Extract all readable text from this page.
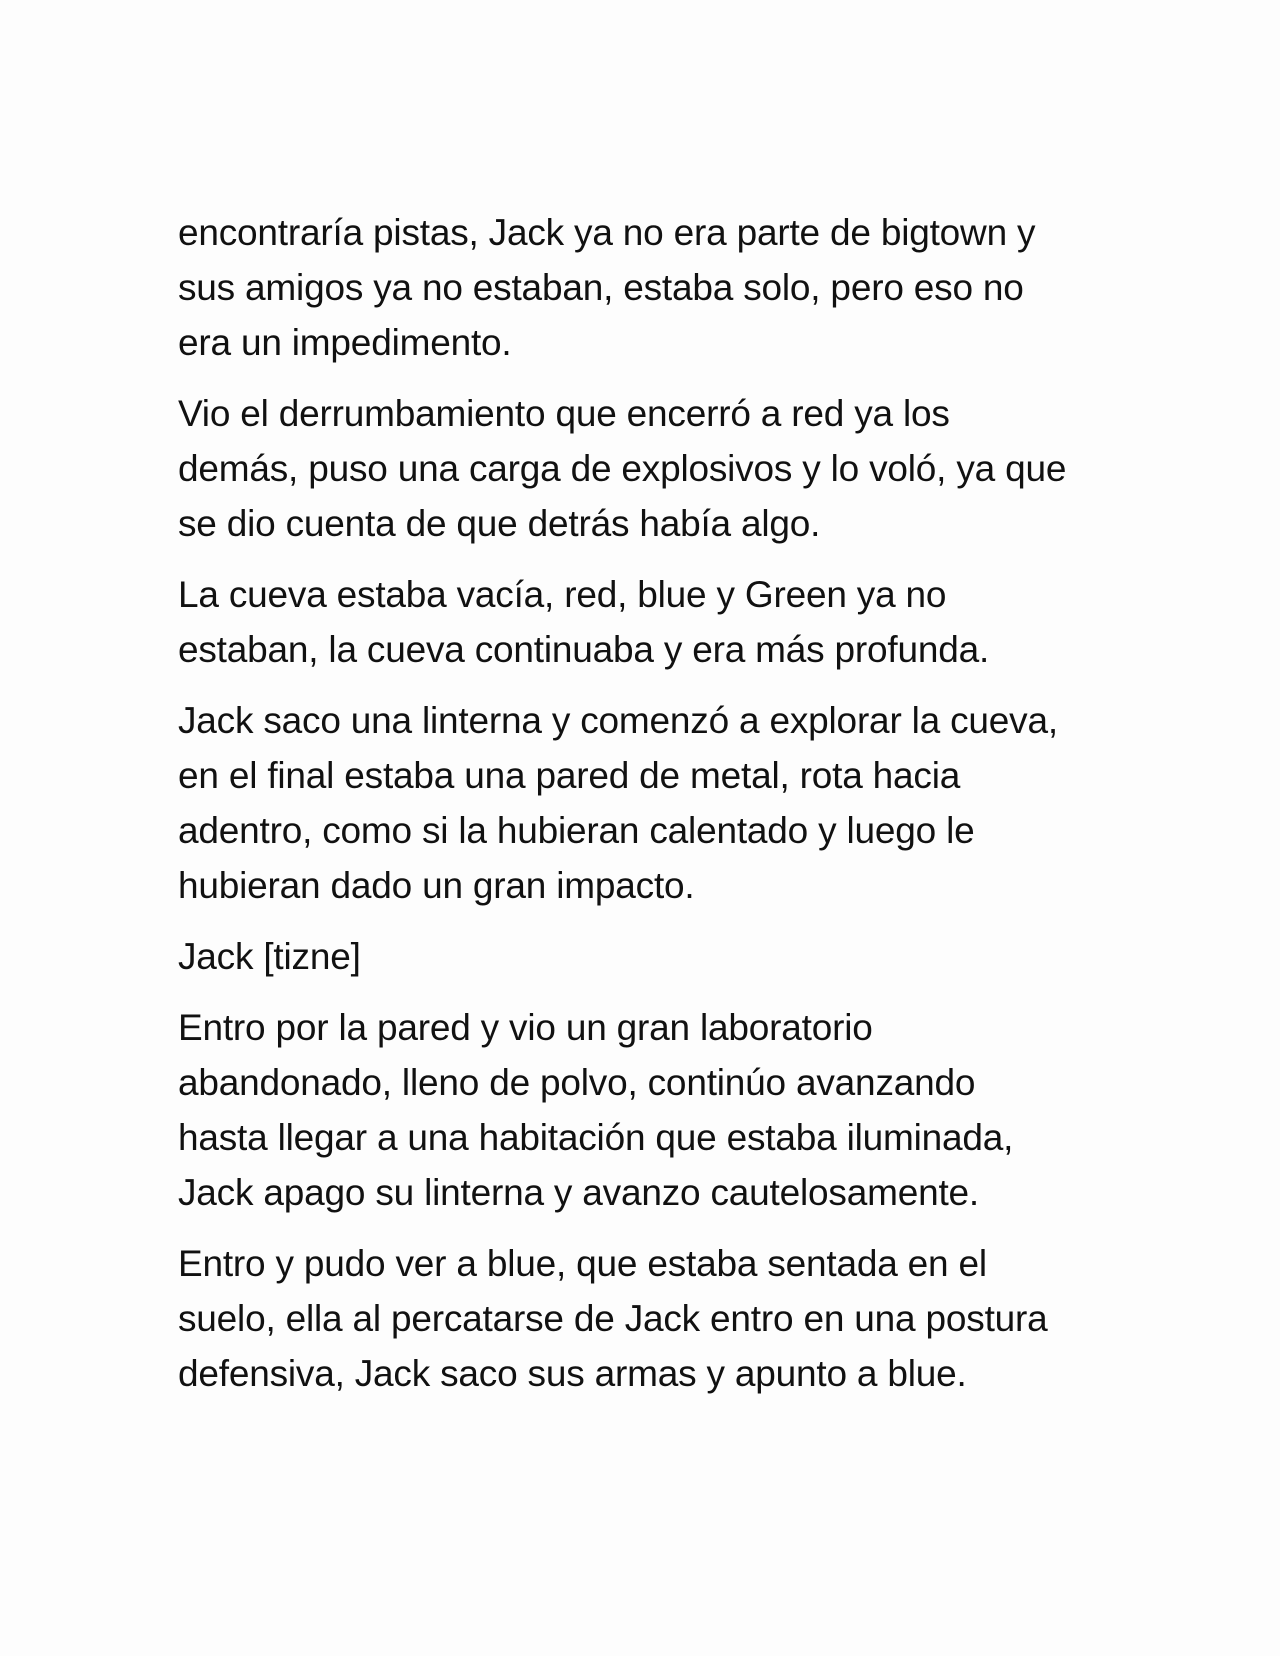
encontraría pistas, Jack ya no era parte de bigtown y
sus amigos ya no estaban, estaba solo, pero eso no
era un impedimento.

Vio el derrumbamiento que encerró a red ya los
demás, puso una carga de explosivos y lo voló, ya que
se dio cuenta de que detrás había algo.

La cueva estaba vacía, red, blue y Green ya no
estaban, la cueva continuaba y era más profunda.

Jack saco una linterna y comenzó a explorar la cueva,
en el final estaba una pared de metal, rota hacia
adentro, como si la hubieran calentado y luego le
hubieran dado un gran impacto.

Jack [tizne]

Entro por la pared y vio un gran laboratorio
abandonado, lleno de polvo, continúo avanzando
hasta llegar a una habitación que estaba iluminada,
Jack apago su linterna y avanzo cautelosamente.

Entro y pudo ver a blue, que estaba sentada en el
suelo, ella al percatarse de Jack entro en una postura
defensiva, Jack saco sus armas y apunto a blue.
